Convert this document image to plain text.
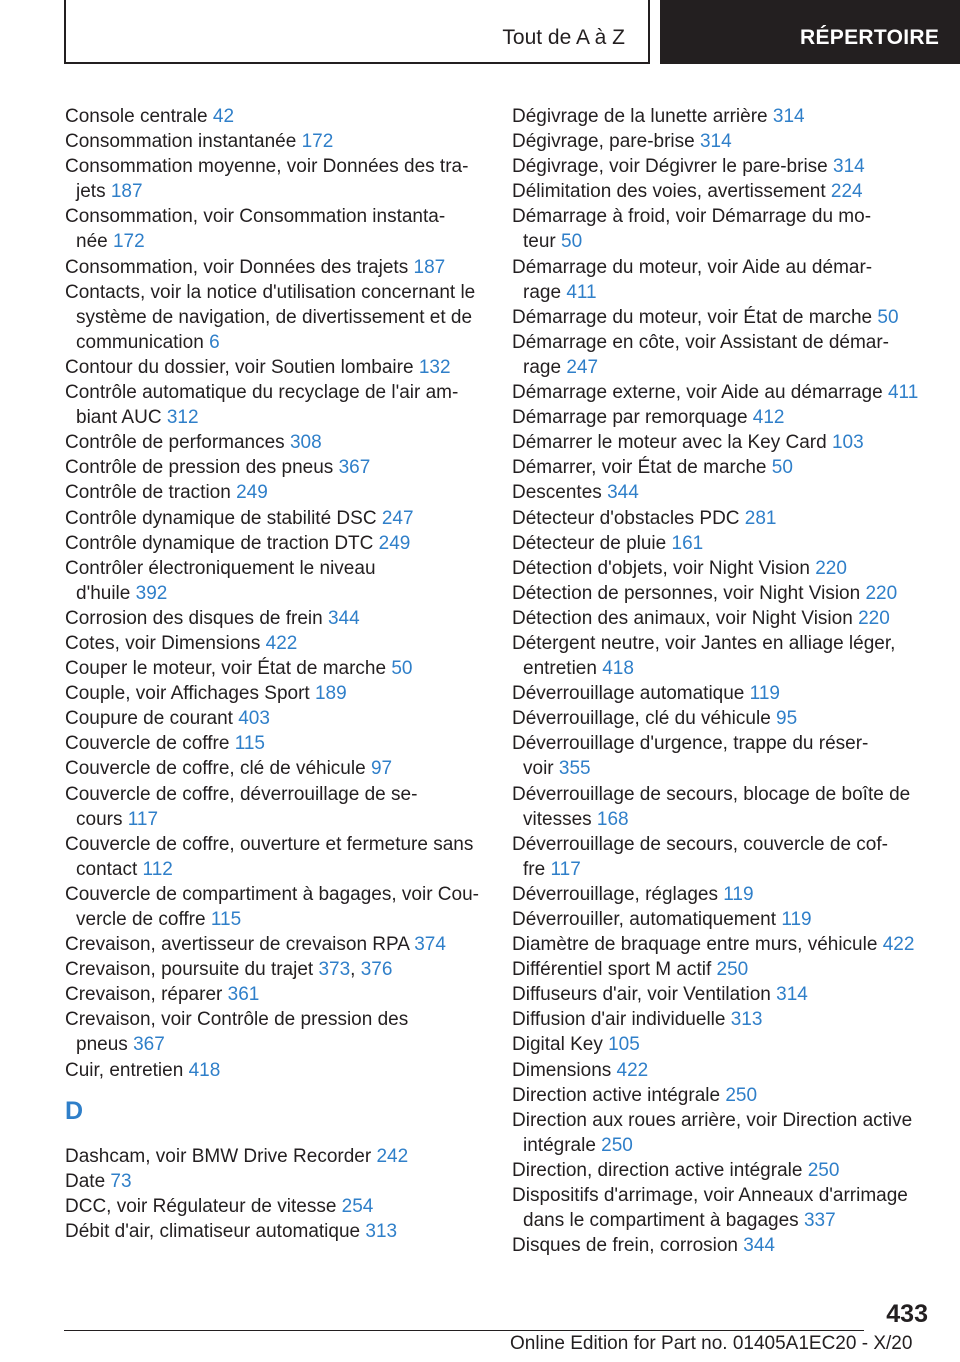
Tout de A à Z	RÉPERTOIRE
Consolе centrale 42
Consommation instantanée 172
Consommation moyenne, voir Données des tra-
jets 187
Consommation, voir Consommation instanta-
née 172
Consommation, voir Données des trajets 187
Contacts, voir la notice d'utilisation concernant le
système de navigation, de divertissement et de
communication 6
Contour du dossier, voir Soutien lombaire 132
Contrôle automatique du recyclage de l'air am-
biant AUC 312
Contrôle de performances 308
Contrôle de pression des pneus 367
Contrôle de traction 249
Contrôle dynamique de stabilité DSC 247
Contrôle dynamique de traction DTC 249
Contrôler électroniquement le niveau
d'huile 392
Corrosion des disques de frein 344
Cotes, voir Dimensions 422
Couper le moteur, voir État de marche 50
Couple, voir Affichages Sport 189
Coupure de courant 403
Couvercle de coffre 115
Couvercle de coffre, clé de véhicule 97
Couvercle de coffre, déverrouillage de se-
cours 117
Couvercle de coffre, ouverture et fermeture sans
contact 112
Couvercle de compartiment à bagages, voir Cou-
vercle de coffre 115
Crevaison, avertisseur de crevaison RPA 374
Crevaison, poursuite du trajet 373, 376
Crevaison, réparer 361
Crevaison, voir Contrôle de pression des
pneus 367
Cuir, entretien 418
D
Dashcam, voir BMW Drive Recorder 242
Date 73
DCC, voir Régulateur de vitesse 254
Débit d'air, climatiseur automatique 313
Dégivrage de la lunette arrière 314
Dégivrage, pare-brise 314
Dégivrage, voir Dégivrer le pare-brise 314
Délimitation des voies, avertissement 224
Démarrage à froid, voir Démarrage du mo-
teur 50
Démarrage du moteur, voir Aide au démar-
rage 411
Démarrage du moteur, voir État de marche 50
Démarrage en côte, voir Assistant de démar-
rage 247
Démarrage externe, voir Aide au démarrage 411
Démarrage par remorquage 412
Démarrer le moteur avec la Key Card 103
Démarrer, voir État de marche 50
Descentes 344
Détecteur d'obstacles PDC 281
Détecteur de pluie 161
Détection d'objets, voir Night Vision 220
Détection de personnes, voir Night Vision 220
Détection des animaux, voir Night Vision 220
Détergent neutre, voir Jantes en alliage léger,
entretien 418
Déverrouillage automatique 119
Déverrouillage, clé du véhicule 95
Déverrouillage d'urgence, trappe du réser-
voir 355
Déverrouillage de secours, blocage de boîte de
vitesses 168
Déverrouillage de secours, couvercle de cof-
fre 117
Déverrouillage, réglages 119
Déverrouiller, automatiquement 119
Diamètre de braquage entre murs, véhicule 422
Différentiel sport M actif 250
Diffuseurs d'air, voir Ventilation 314
Diffusion d'air individuelle 313
Digital Key 105
Dimensions 422
Direction active intégrale 250
Direction aux roues arrière, voir Direction active
intégrale 250
Direction, direction active intégrale 250
Dispositifs d'arrimage, voir Anneaux d'arrimage
dans le compartiment à bagages 337
Disques de frein, corrosion 344
433
Online Edition for Part no. 01405A1EC20 - X/20
